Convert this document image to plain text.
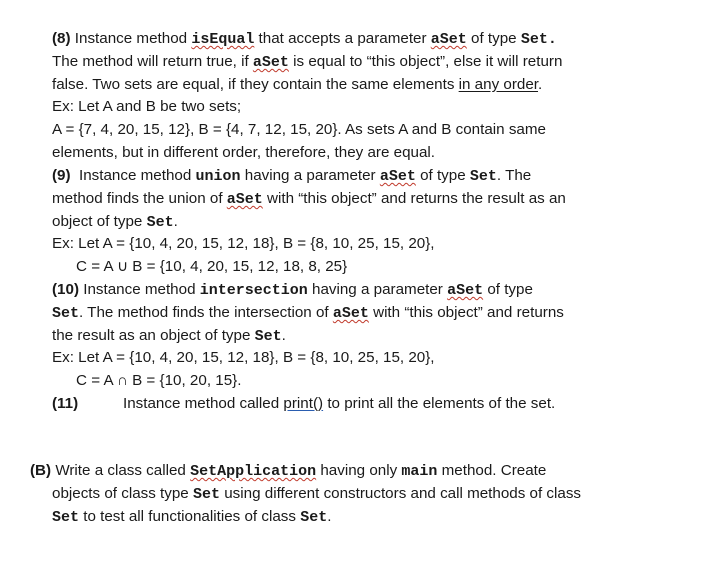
(8) Instance method isEqual that accepts a parameter aSet of type Set.
The method will return true, if aSet is equal to “this object”, else it will return
false. Two sets are equal, if they contain the same elements in any order.
Ex: Let A and B be two sets;
A = {7, 4, 20, 15, 12}, B = {4, 7, 12, 15, 20}. As sets A and B contain same
elements, but in different order, therefore, they are equal.
(9)  Instance method union having a parameter aSet of type Set. The
method finds the union of aSet with “this object” and returns the result as an
object of type Set.
Ex: Let A = {10, 4, 20, 15, 12, 18}, B = {8, 10, 25, 15, 20},
C = A ∪ B = {10, 4, 20, 15, 12, 18, 8, 25}
(10) Instance method intersection having a parameter aSet of type
Set. The method finds the intersection of aSet with “this object” and returns
the result as an object of type Set.
Ex: Let A = {10, 4, 20, 15, 12, 18}, B = {8, 10, 25, 15, 20},
C = A ∩ B = {10, 20, 15}.
(11)	Instance method called print() to print all the elements of the set.
(B) Write a class called SetApplication having only main method. Create
objects of class type Set using different constructors and call methods of class
Set to test all functionalities of class Set.
